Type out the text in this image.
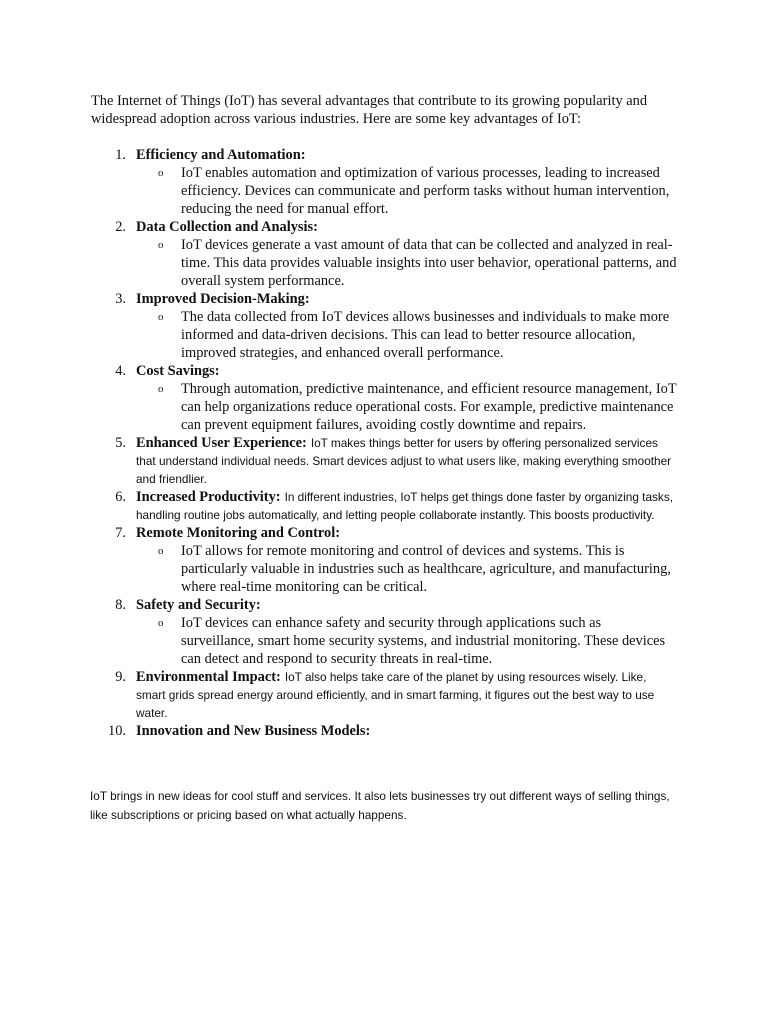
The Internet of Things (IoT) has several advantages that contribute to its growing popularity and widespread adoption across various industries. Here are some key advantages of IoT:

1. Efficiency and Automation:
o IoT enables automation and optimization of various processes, leading to increased efficiency. Devices can communicate and perform tasks without human intervention, reducing the need for manual effort.
2. Data Collection and Analysis:
o IoT devices generate a vast amount of data that can be collected and analyzed in real-time. This data provides valuable insights into user behavior, operational patterns, and overall system performance.
3. Improved Decision-Making:
o The data collected from IoT devices allows businesses and individuals to make more informed and data-driven decisions. This can lead to better resource allocation, improved strategies, and enhanced overall performance.
4. Cost Savings:
o Through automation, predictive maintenance, and efficient resource management, IoT can help organizations reduce operational costs. For example, predictive maintenance can prevent equipment failures, avoiding costly downtime and repairs.
5. Enhanced User Experience: IoT makes things better for users by offering personalized services that understand individual needs. Smart devices adjust to what users like, making everything smoother and friendlier.
6. Increased Productivity: In different industries, IoT helps get things done faster by organizing tasks, handling routine jobs automatically, and letting people collaborate instantly. This boosts productivity.
7. Remote Monitoring and Control:
o IoT allows for remote monitoring and control of devices and systems. This is particularly valuable in industries such as healthcare, agriculture, and manufacturing, where real-time monitoring can be critical.
8. Safety and Security:
o IoT devices can enhance safety and security through applications such as surveillance, smart home security systems, and industrial monitoring. These devices can detect and respond to security threats in real-time.
9. Environmental Impact: IoT also helps take care of the planet by using resources wisely. Like, smart grids spread energy around efficiently, and in smart farming, it figures out the best way to use water.
10. Innovation and New Business Models:

IoT brings in new ideas for cool stuff and services. It also lets businesses try out different ways of selling things, like subscriptions or pricing based on what actually happens.
